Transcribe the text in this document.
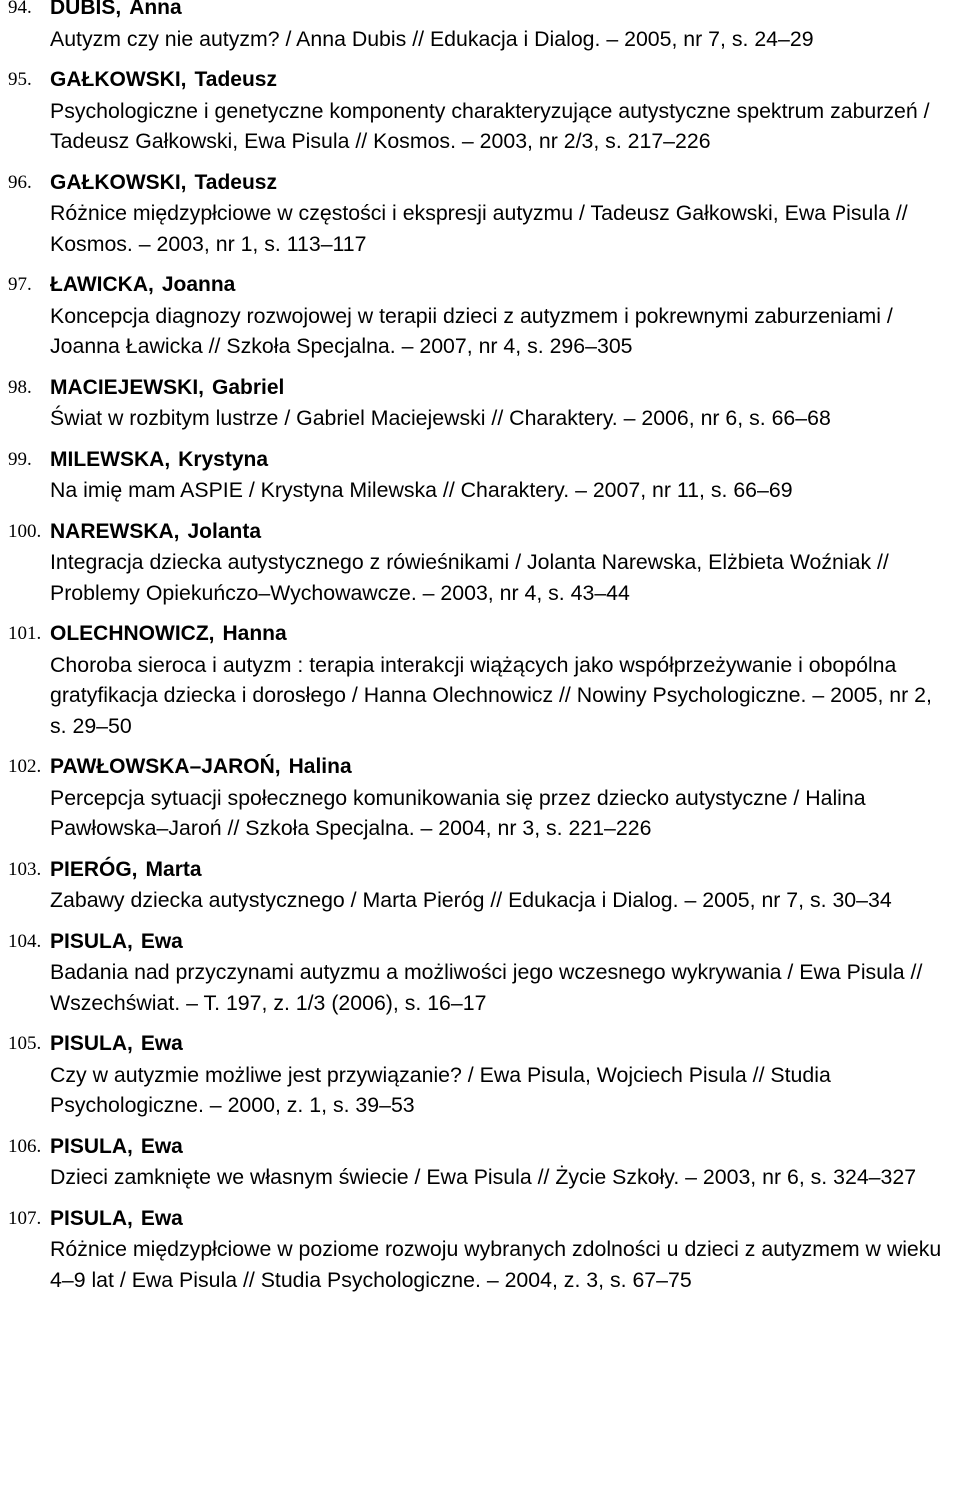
94. DUBIS, Anna
Autyzm czy nie autyzm? / Anna Dubis // Edukacja i Dialog. – 2005, nr 7, s. 24–29
95. GAŁKOWSKI, Tadeusz
Psychologiczne i genetyczne komponenty charakteryzujące autystyczne spektrum zaburzeń / Tadeusz Gałkowski, Ewa Pisula // Kosmos. – 2003, nr 2/3, s. 217–226
96. GAŁKOWSKI, Tadeusz
Różnice międzypłciowe w częstości i ekspresji autyzmu / Tadeusz Gałkowski, Ewa Pisula // Kosmos. – 2003, nr 1, s. 113–117
97. ŁAWICKA, Joanna
Koncepcja diagnozy rozwojowej w terapii dzieci z autyzmem i pokrewnymi zaburzeniami / Joanna Ławicka // Szkoła Specjalna. – 2007, nr 4, s. 296–305
98. MACIEJEWSKI, Gabriel
Świat w rozbitym lustrze / Gabriel Maciejewski // Charaktery. – 2006, nr 6, s. 66–68
99. MILEWSKA, Krystyna
Na imię mam ASPIE / Krystyna Milewska // Charaktery. – 2007, nr 11, s. 66–69
100. NAREWSKA, Jolanta
Integracja dziecka autystycznego z rówieśnikami / Jolanta Narewska, Elżbieta Woźniak // Problemy Opiekuńczo–Wychowawcze. – 2003, nr 4, s. 43–44
101. OLECHNOWICZ, Hanna
Choroba sieroca i autyzm : terapia interakcji wiążących jako współprzeżywanie i obopólna gratyfikacja dziecka i dorosłego / Hanna Olechnowicz // Nowiny Psychologiczne. – 2005, nr 2, s. 29–50
102. PAWŁOWSKA–JAROŃ, Halina
Percepcja sytuacji społecznego komunikowania się przez dziecko autystyczne / Halina Pawłowska–Jaroń // Szkoła Specjalna. – 2004, nr 3, s. 221–226
103. PIERÓG, Marta
Zabawy dziecka autystycznego / Marta Pieróg // Edukacja i Dialog. – 2005, nr 7, s. 30–34
104. PISULA, Ewa
Badania nad przyczynami autyzmu a możliwości jego wczesnego wykrywania / Ewa Pisula // Wszechświat. – T. 197, z. 1/3 (2006), s. 16–17
105. PISULA, Ewa
Czy w autyzmie możliwe jest przywiązanie? / Ewa Pisula, Wojciech Pisula // Studia Psychologiczne. – 2000, z. 1, s. 39–53
106. PISULA, Ewa
Dzieci zamknięte we własnym świecie / Ewa Pisula // Życie Szkoły. – 2003, nr 6, s. 324–327
107. PISULA, Ewa
Różnice międzypłciowe w poziome rozwoju wybranych zdolności u dzieci z autyzmem w wieku 4–9 lat / Ewa Pisula // Studia Psychologiczne. – 2004, z. 3, s. 67–75
